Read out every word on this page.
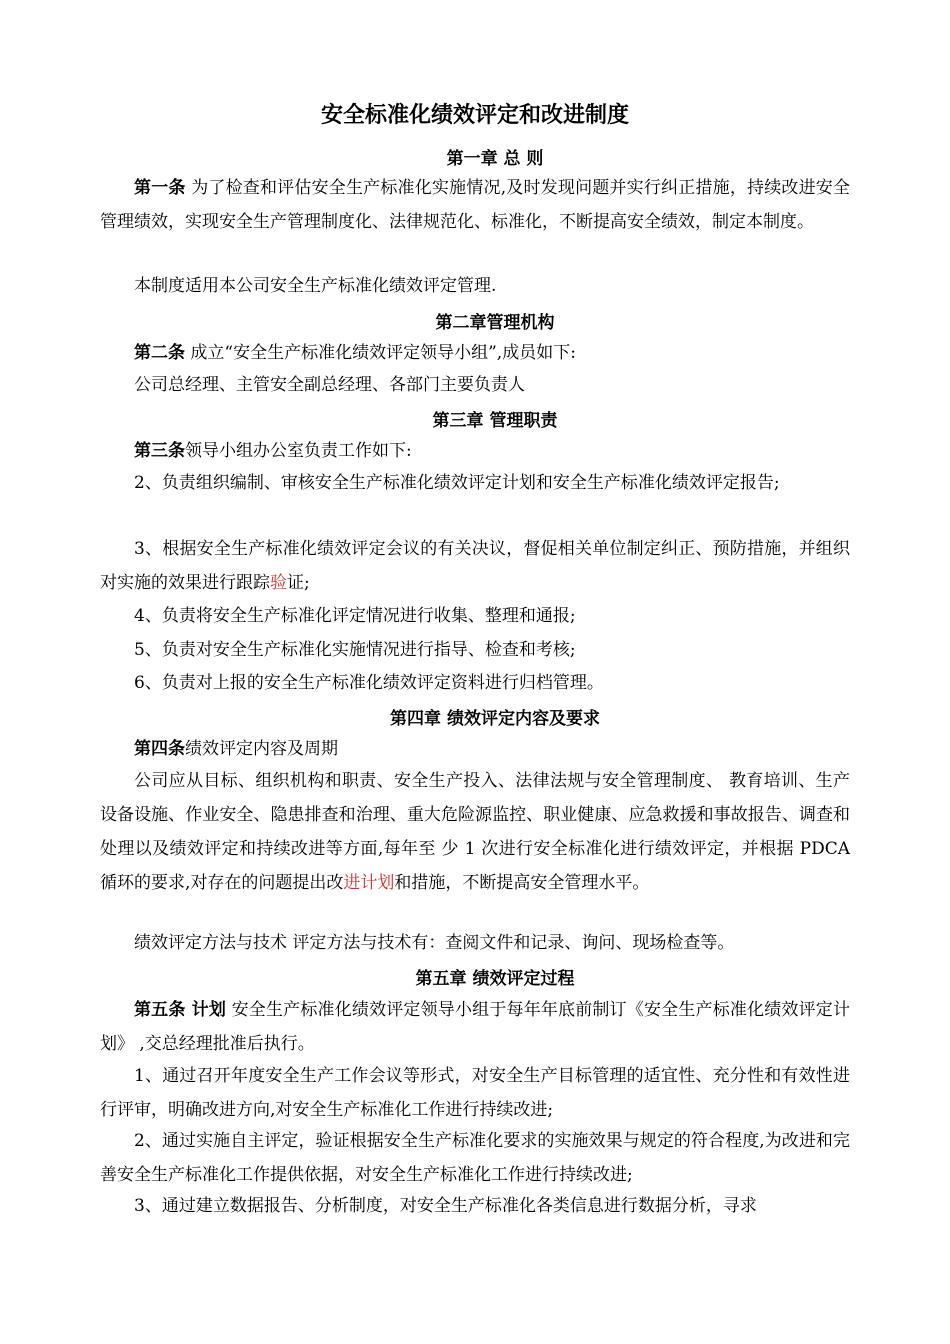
安全标准化绩效评定和改进制度
第一章 总 则

第一条 为了检查和评估安全生产标准化实施情况,及时发现问题并实行纠正措施，持续改进安全管理绩效，实现安全生产管理制度化、法律规范化、标准化，不断提高安全绩效，制定本制度。

本制度适用本公司安全生产标准化绩效评定管理.

第二章管理机构

第二条 成立“安全生产标准化绩效评定领导小组”,成员如下:

公司总经理、主管安全副总经理、各部门主要负责人

第三章 管理职责

第三条领导小组办公室负责工作如下:

2、负责组织编制、审核安全生产标准化绩效评定计划和安全生产标准化绩效评定报告;

3、根据安全生产标准化绩效评定会议的有关决议，督促相关单位制定纠正、预防措施，并组织对实施的效果进行跟踪验证;

4、负责将安全生产标准化评定情况进行收集、整理和通报;

5、负责对安全生产标准化实施情况进行指导、检查和考核;

6、负责对上报的安全生产标准化绩效评定资料进行归档管理。

第四章 绩效评定内容及要求

第四条绩效评定内容及周期

公司应从目标、组织机构和职责、安全生产投入、法律法规与安全管理制度、 教育培训、生产设备设施、作业安全、隐患排查和治理、重大危险源监控、职业健康、应急救援和事故报告、调查和处理以及绩效评定和持续改进等方面,每年至 少 1 次进行安全标准化进行绩效评定，并根据 PDCA 循环的要求,对存在的问题提出改进计划和措施，不断提高安全管理水平。

绩效评定方法与技术 评定方法与技术有：查阅文件和记录、询问、现场检查等。

第五章 绩效评定过程

第五条 计划 安全生产标准化绩效评定领导小组于每年年底前制订《安全生产标准化绩效评定计划》 ,交总经理批准后执行。

1、通过召开年度安全生产工作会议等形式，对安全生产目标管理的适宜性、充分性和有效性进行评审，明确改进方向,对安全生产标准化工作进行持续改进;

2、通过实施自主评定，验证根据安全生产标准化要求的实施效果与规定的符合程度,为改进和完善安全生产标准化工作提供依据，对安全生产标准化工作进行持续改进;

3、通过建立数据报告、分析制度，对安全生产标准化各类信息进行数据分析，寻求
